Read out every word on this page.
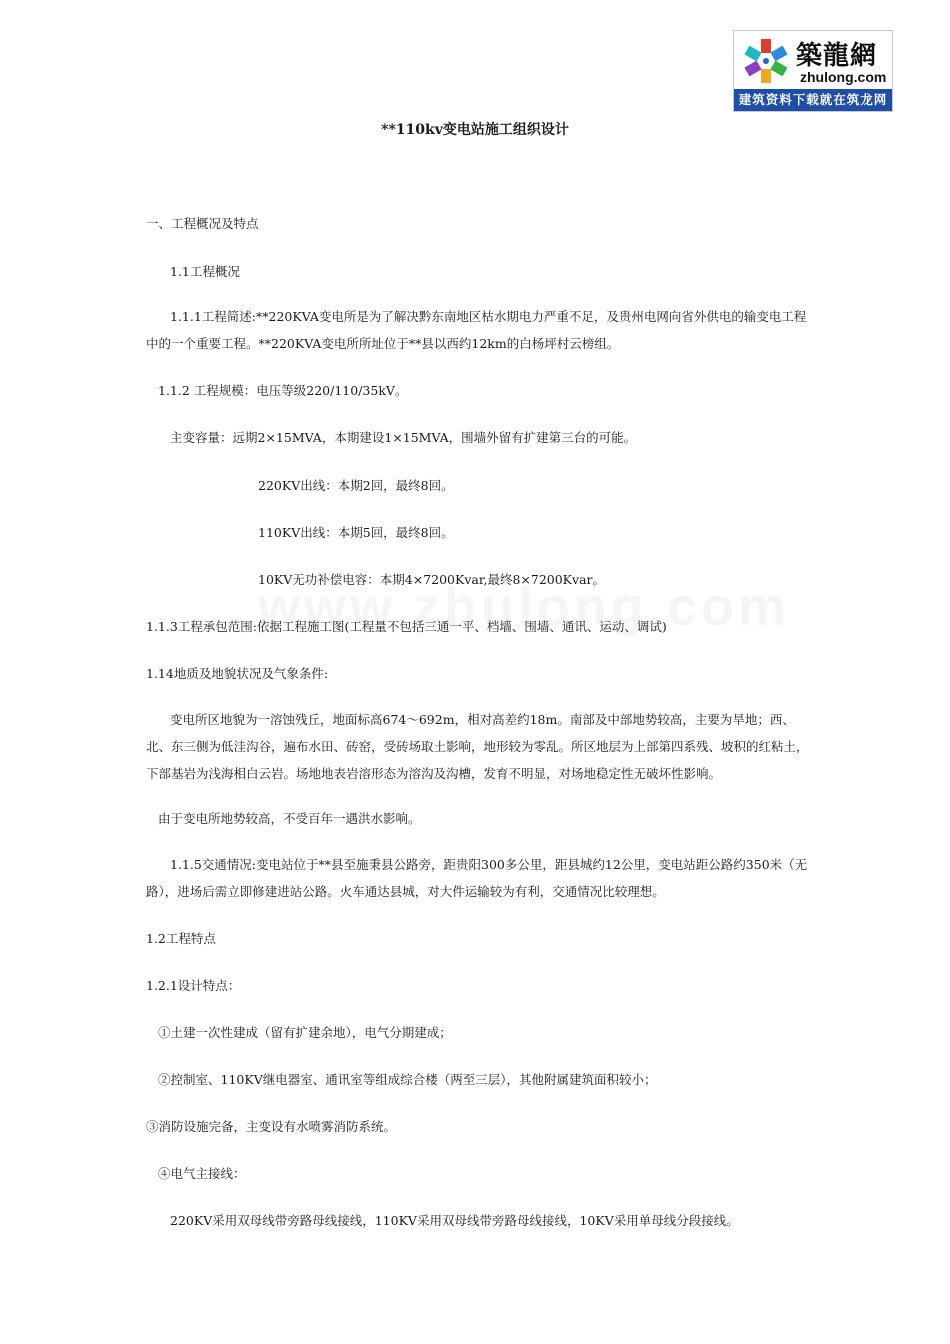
築龍網
zhulong.com
建筑资料下载就在筑龙网
**110kv变电站施工组织设计
一、工程概况及特点
1.1工程概况
1.1.1工程简述:**220KVA变电所是为了解决黔东南地区枯水期电力严重不足，及贵州电网向省外供电的输变电工程中的一个重要工程。**220KVA变电所所址位于**县以西约12km的白杨坪村云榜组。
1.1.2 工程规模：电压等级220/110/35kV。
主变容量：远期2×15MVA，本期建设1×15MVA，围墙外留有扩建第三台的可能。
220KV出线：本期2回，最终8回。
110KV出线：本期5回，最终8回。
10KV无功补偿电容：本期4×7200Kvar,最终8×7200Kvar。
1.1.3工程承包范围:依据工程施工图(工程量不包括三通一平、档墙、围墙、通讯、运动、调试)
1.14地质及地貌状况及气象条件:
变电所区地貌为一溶蚀残丘，地面标高674～692m，相对高差约18m。南部及中部地势较高，主要为旱地；西、北、东三侧为低洼沟谷，遍布水田、砖窑，受砖场取土影响，地形较为零乱。所区地层为上部第四系残、坡积的红粘土，下部基岩为浅海相白云岩。场地地表岩溶形态为溶沟及沟槽，发育不明显，对场地稳定性无破坏性影响。
由于变电所地势较高，不受百年一遇洪水影响。
1.1.5交通情况:变电站位于**县至施秉县公路旁，距贵阳300多公里，距县城约12公里，变电站距公路约350米（无路），进场后需立即修建进站公路。火车通达县城，对大件运输较为有利，交通情况比较理想。
1.2工程特点
1.2.1设计特点：
①土建一次性建成（留有扩建余地），电气分期建成；
②控制室、110KV继电器室、通讯室等组成综合楼（两至三层），其他附属建筑面积较小；
③消防设施完备，主变设有水喷雾消防系统。
④电气主接线：
220KV采用双母线带旁路母线接线，110KV采用双母线带旁路母线接线，10KV采用单母线分段接线。
